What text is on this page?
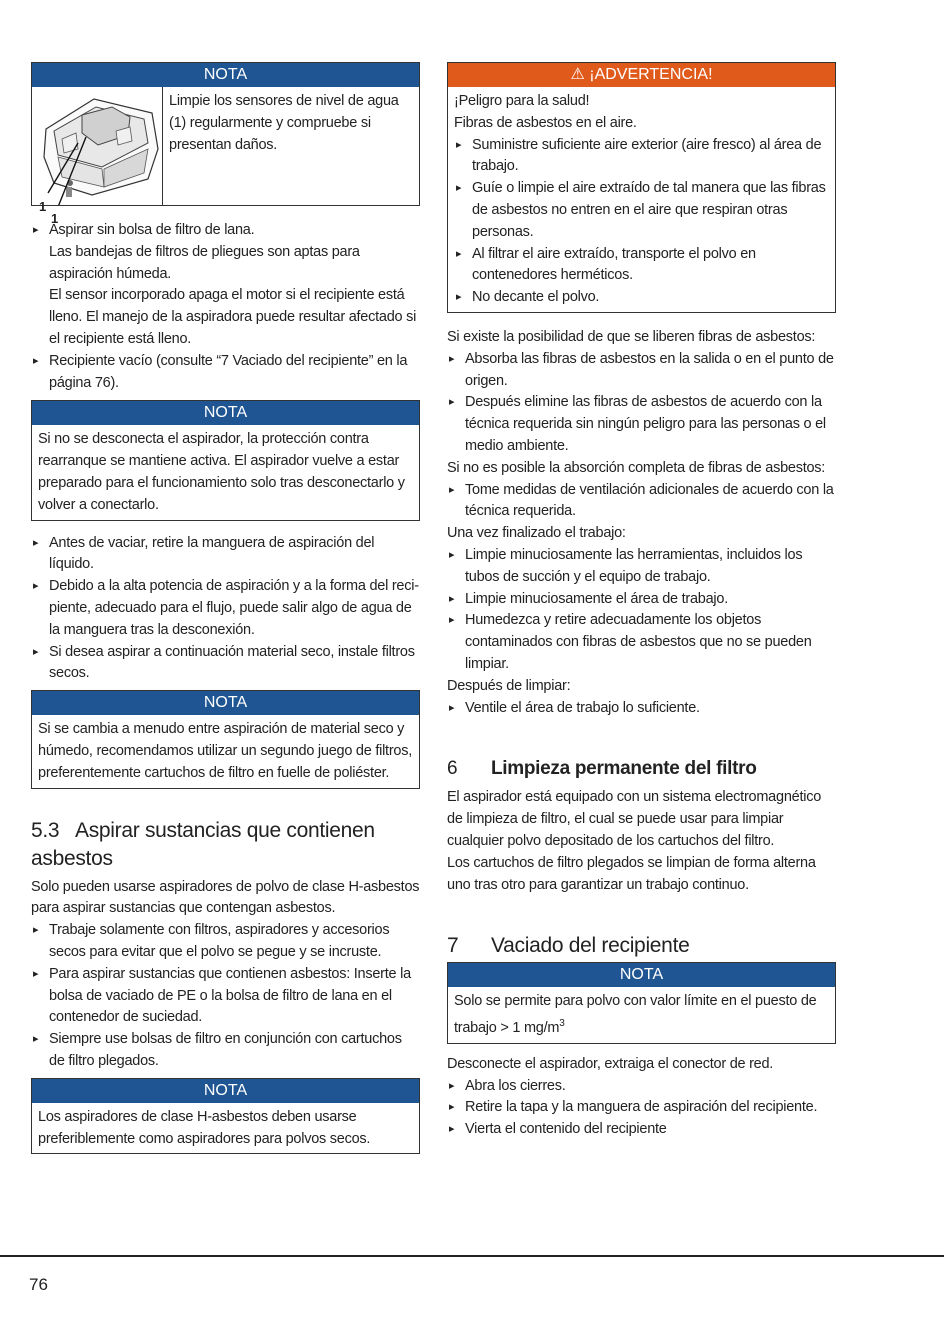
NOTA
1
1
Limpie los sensores de nivel de agua (1) regularmente y compruebe si presentan daños.
▸ Aspirar sin bolsa de filtro de lana.
Las bandejas de filtros de pliegues son aptas para aspiración húmeda.
El sensor incorporado apaga el motor si el recipiente está lleno. El manejo de la aspiradora puede resultar afectado si el recipiente está lleno.
▸ Recipiente vacío (consulte “7 Vaciado del recipiente” en la página 76).
NOTA
Si no se desconecta el aspirador, la protección contra rearranque se mantiene activa. El aspirador vuelve a estar preparado para el funcionamiento solo tras desconectarlo y volver a conectarlo.
▸ Antes de vaciar, retire la manguera de aspiración del líquido.
▸ Debido a la alta potencia de aspiración y a la forma del recipiente, adecuado para el flujo, puede salir algo de agua de la manguera tras la desconexión.
▸ Si desea aspirar a continuación material seco, instale filtros secos.
NOTA
Si se cambia a menudo entre aspiración de material seco y húmedo, recomendamos utilizar un segundo juego de filtros, preferentemente cartuchos de filtro en fuelle de poliéster.
5.3 Aspirar sustancias que contienen asbestos
Solo pueden usarse aspiradores de polvo de clase H-asbestos para aspirar sustancias que contengan asbestos.
▸ Trabaje solamente con filtros, aspiradores y accesorios secos para evitar que el polvo se pegue y se incruste.
▸ Para aspirar sustancias que contienen asbestos: Inserte la bolsa de vaciado de PE o la bolsa de filtro de lana en el contenedor de suciedad.
▸ Siempre use bolsas de filtro en conjunción con cartuchos de filtro plegados.
NOTA
Los aspiradores de clase H-asbestos deben usarse preferiblemente como aspiradores para polvos secos.
⚠ ¡ADVERTENCIA!
¡Peligro para la salud!
Fibras de asbestos en el aire.
▸ Suministre suficiente aire exterior (aire fresco) al área de trabajo.
▸ Guíe o limpie el aire extraído de tal manera que las fibras de asbestos no entren en el aire que respiran otras personas.
▸ Al filtrar el aire extraído, transporte el polvo en contenedores herméticos.
▸ No decante el polvo.
Si existe la posibilidad de que se liberen fibras de asbestos:
▸ Absorba las fibras de asbestos en la salida o en el punto de origen.
▸ Después elimine las fibras de asbestos de acuerdo con la técnica requerida sin ningún peligro para las personas o el medio ambiente.
Si no es posible la absorción completa de fibras de asbestos:
▸ Tome medidas de ventilación adicionales de acuerdo con la técnica requerida.
Una vez finalizado el trabajo:
▸ Limpie minuciosamente las herramientas, incluidos los tubos de succión y el equipo de trabajo.
▸ Limpie minuciosamente el área de trabajo.
▸ Humedezca y retire adecuadamente los objetos contaminados con fibras de asbestos que no se pueden limpiar.
Después de limpiar:
▸ Ventile el área de trabajo lo suficiente.
6 Limpieza permanente del filtro
El aspirador está equipado con un sistema electromagnético de limpieza de filtro, el cual se puede usar para limpiar cualquier polvo depositado de los cartuchos del filtro.
Los cartuchos de filtro plegados se limpian de forma alterna uno tras otro para garantizar un trabajo continuo.
7 Vaciado del recipiente
NOTA
Solo se permite para polvo con valor límite en el puesto de trabajo > 1 $mg/m^3$
Desconecte el aspirador, extraiga el conector de red.
▸ Abra los cierres.
▸ Retire la tapa y la manguera de aspiración del recipiente.
▸ Vierta el contenido del recipiente
76
